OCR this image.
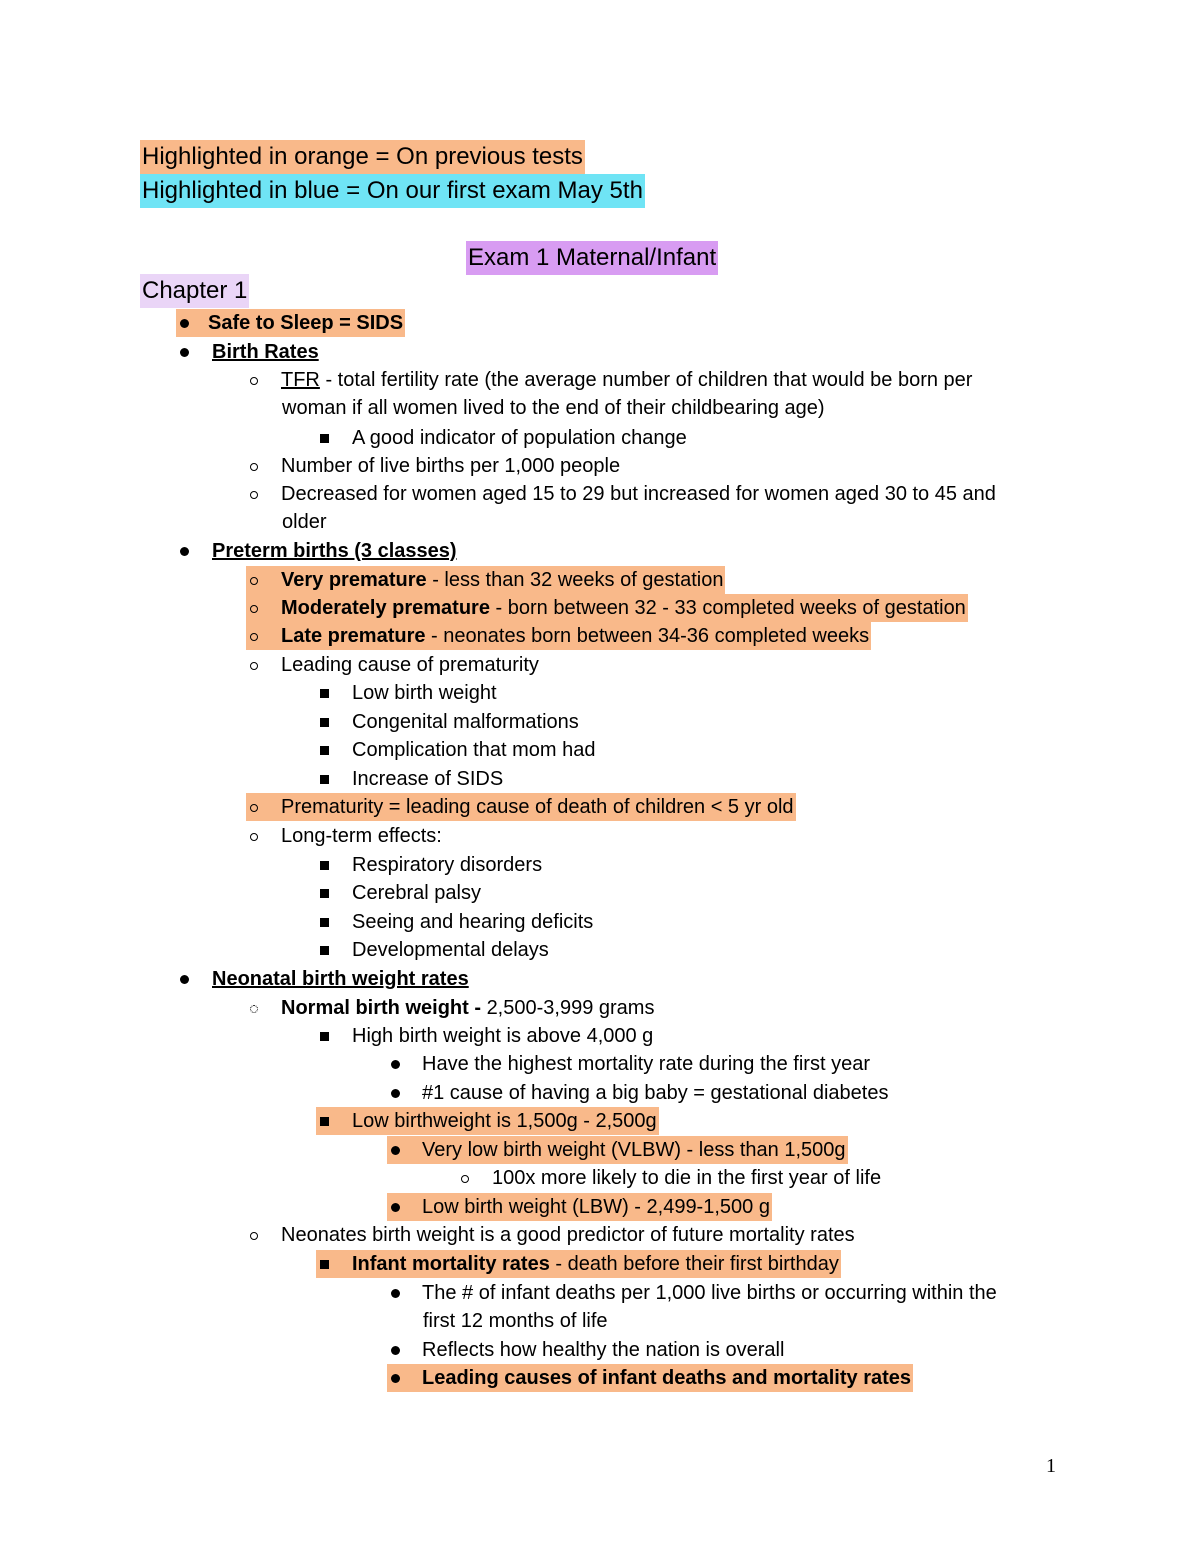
Highlighted in orange = On previous tests
Highlighted in blue = On our first exam May 5th
Exam 1 Maternal/Infant
Chapter 1
Safe to Sleep = SIDS
Birth Rates
TFR - total fertility rate (the average number of children that would be born per
woman if all women lived to the end of their childbearing age)
A good indicator of population change
Number of live births per 1,000 people
Decreased for women aged 15 to 29 but increased for women aged 30 to 45 and
older
Preterm births (3 classes)
Very premature - less than 32 weeks of gestation
Moderately premature - born between 32 - 33 completed weeks of gestation
Late premature - neonates born between 34-36 completed weeks
Leading cause of prematurity
Low birth weight
Congenital malformations
Complication that mom had
Increase of SIDS
Prematurity = leading cause of death of children < 5 yr old
Long-term effects:
Respiratory disorders
Cerebral palsy
Seeing and hearing deficits
Developmental delays
Neonatal birth weight rates
Normal birth weight - 2,500-3,999 grams
High birth weight is above 4,000 g
Have the highest mortality rate during the first year
#1 cause of having a big baby = gestational diabetes
Low birthweight is 1,500g - 2,500g
Very low birth weight (VLBW) - less than 1,500g
100x more likely to die in the first year of life
Low birth weight (LBW) - 2,499-1,500 g
Neonates birth weight is a good predictor of future mortality rates
Infant mortality rates - death before their first birthday
The # of infant deaths per 1,000 live births or occurring within the
first 12 months of life
Reflects how healthy the nation is overall
Leading causes of infant deaths and mortality rates
1
